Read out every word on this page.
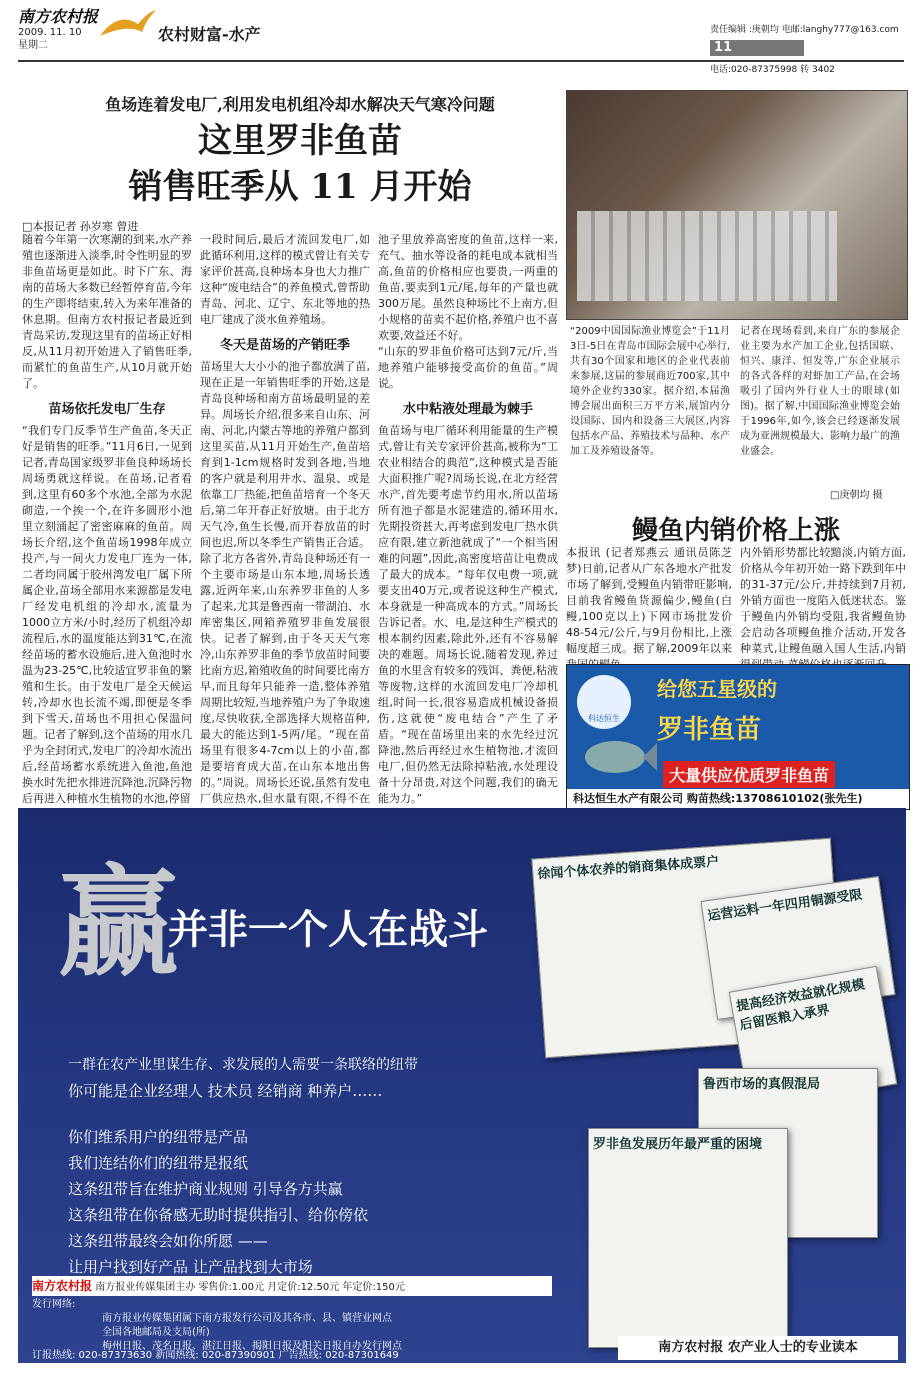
南方农村报
2009. 11. 10
星期二
农村财富-水产	责任编辑 :庚朝均 电邮:langhy777@163.com
11
电话:020-87375998 转 3402
鱼场连着发电厂,利用发电机组冷却水解决天气寒冷问题
这里罗非鱼苗
销售旺季从 11 月开始
□本报记者 孙岁寒 曾进
随着今年第一次寒潮的到来,水产养殖也逐渐进入淡季,时令性明显的罗非鱼苗场更是如此。时下广东、海南的苗场大多数已经暂停育苗,今年的生产即将结束,转入为来年准备的休息期。但南方农村报记者最近到青岛采访,发现这里有的苗场正好相反,从11月初开始进入了销售旺季,而紧忙的鱼苗生产,从10月就开始了。
苗场依托发电厂生存
“我们专门反季节生产鱼苗,冬天正好是销售的旺季。”11月6日,一见到记者,青岛国家级罗非鱼良种场场长周场勇就这样说。在苗场,记者看到,这里有60多个水池,全部为水泥砌造,一个挨一个,在许多圆形小池里立刻涌起了密密麻麻的鱼苗。周场长介绍,这个鱼苗场1998年成立投产,与一间火力发电厂连为一体,二者均同属于胶州湾发电厂属下所属企业,苗场全部用水来源都是发电厂经发电机组的冷却水,流量为1000立方米/小时,经历了机组冷却流程后,水的温度能达到31℃,在流经苗场的蓄水设施后,进入鱼池时水温为23-25℃,比较适宜罗非鱼的繁殖和生长。由于发电厂是全天候运转,冷却水也长流不竭,即便是冬季到下雪天,苗场也不用担心保温问题。记者了解到,这个苗场的用水几乎为全封闭式,发电厂的冷却水流出后,经苗场蓄水系统进入鱼池,鱼池换水时先把水排进沉降池,沉降污物后再进入种植水生植物的水池,停留
一段时间后,最后才流回发电厂,如此循环利用,这样的模式曾让有关专家评价甚高,良种场本身也大力推广这种“废电结合”的养鱼模式,曾帮助青岛、河北、辽宁、东北等地的热电厂建成了淡水鱼养殖场。
冬天是苗场的产销旺季
苗场里大大小小的池子都放满了苗,现在正是一年销售旺季的开始,这是青岛良种场和南方苗场最明显的差异。周场长介绍,很多来自山东、河南、河北,内蒙古等地的养殖户都到这里买苗,从11月开始生产,鱼苗培育到1-1cm规格时发到各地,当地的客户就是利用井水、温泉、或是依靠工厂热能,把鱼苗培育一个冬天后,第二年开春正好放塘。由于北方天气冷,鱼生长慢,而开春放苗的时间也迟,所以冬季生产销售正合适。除了北方各省外,青岛良种场还有一个主要市场是山东本地,周场长透露,近两年来,山东养罗非鱼的人多了起来,尤其是鲁西南一带湖泊、水库密集区,网箱养殖罗非鱼发展很快。记者了解到,由于冬天天气寒冷,山东养罗非鱼的季节放苗时间要比南方迟,箱殖收鱼的时间要比南方早,而且每年只能养一造,整体养殖周期比较短,当地养殖户为了争取速度,尽快收获,全部选择大规格苗种,最大的能达到1-5两/尾。“现在苗场里有很多4-7cm以上的小苗,都是要培育成大苗,在山东本地出售的。”周说。周场长还说,虽然有发电厂供应热水,但水量有限,不得不在
池子里放养高密度的鱼苗,这样一来,充气、抽水等设备的耗电成本就相当高,鱼苗的价格相应也要贵,一两重的鱼苗,要卖到1元/尾,每年的产量也就300万尾。虽然良种场比不上南方,但小规格的苗卖不起价格,养殖户也不喜欢要,效益还不好。
“山东的罗非鱼价格可达到7元/斤,当地养殖户能够接受高价的鱼苗。”周说。
水中粘液处理最为棘手
鱼苗场与电厂循环利用能量的生产模式,曾让有关专家评价甚高,被称为“工农业相结合的典范”,这种模式是否能大面积推广呢?周场长说,在北方经营水产,首先要考虑节约用水,所以苗场所有池子都是水泥建造的,循环用水,先期投资甚大,再考虑到发电厂热水供应有限,建立新池就成了“一个相当困难的问题”,因此,高密度培苗让电费成了最大的成本。“每年仅电费一项,就要支出40万元,或者说这种生产模式,本身就是一种高成本的方式。”周场长告诉记者。水、电,是这种生产模式的根本制约因素,除此外,还有不容易解决的难题。周场长说,随着发现,养过鱼的水里含有较多的残饵、粪便,粘液等废物,这样的水流回发电厂冷却机组,时间一长,很容易造成机械设备损伤,这就使“废电结合”产生了矛盾。“现在苗场里出来的水先经过沉降池,然后再经过水生植物池,才流回电厂,但仍然无法除掉粘液,水处理设备十分昂贵,对这个问题,我们的确无能为力。”
“2009中国国际渔业博览会”于11月3日-5日在青岛市国际会展中心举行,共有30个国家和地区的企业代表前来参展,这届的参展商近700家,其中境外企业约330家。据介绍,本届渔博会展出面积三万平方米,展馆内分设国际、国内和设备三大展区,内容包括水产品、养殖技术与品种、水产加工及养殖设备等。
记者在现场看到,来自广东的参展企业主要为水产加工企业,包括国联、恒兴、康洋、恒发等,广东企业展示的各式各样的对虾加工产品,在会场吸引了国内外行业人士的眼球(如图)。据了解,中国国际渔业博览会始于1996年,如今,该会已经逐渐发展成为亚洲规模最大、影响力最广的渔业盛会。
□庚朝均 摄
鳗鱼内销价格上涨
本报讯 (记者郑燕云 通讯员陈芝梦)日前,记者从广东各地水产批发市场了解到,受鳗鱼内销带旺影响,目前我省鳗鱼货源偏少,鳗鱼(白鳗,100克以上)下网市场批发价48-54元/公斤,与9月份相比,上涨幅度超三成。据了解,2009年以来
内外销形势都比较黯淡,内销方面,价格从今年初开始一路下跌到年中的31-37元/公斤,并持续到7月初,外销方面也一度陷入低迷状态。鉴于鳗鱼内外销均受阻,我省鳗鱼协会启动各项鳗鱼推介活动,开发各种菜式,让鳗鱼融入国人生活,内销
科达恒生
给您五星级的
罗非鱼苗
大量供应优质罗非鱼苗
科达恒生水产有限公司 购苗热线:13708610102(张先生)
赢
并非一个人在战斗
一群在农产业里谋生存、求发展的人需要一条联络的纽带
你可能是企业经理人 技术员 经销商 种养户……
你们维系用户的纽带是产品
我们连结你们的纽带是报纸
这条纽带旨在维护商业规则 引导各方共赢
这条纽带在你备感无助时提供指引、给你傍依
这条纽带最终会如你所愿 ——
让用户找到好产品 让产品找到大市场
徐闻个体农养的销商集体成票户
运营运料一年四用铜源受限
提高经济效益就化规模后留医粮入承界
鲁西市场的真假混局
罗非鱼发展历年最严重的困境
南方农村报 南方报业传媒集团主办 零售价:1.00元 月定价:12.50元 年定价:150元
发行网络:
南方报业传媒集团属下南方报发行公司及其各市、县、镇营业网点
全国各地邮局及支局(所)
梅州日报、茂名日报、湛江日报、揭阳日报及阳关日报自办发行网点
订报热线: 020-87373630 新闻热线: 020-87390901 广告热线: 020-87301649
南方农村报 农产业人士的专业读本
